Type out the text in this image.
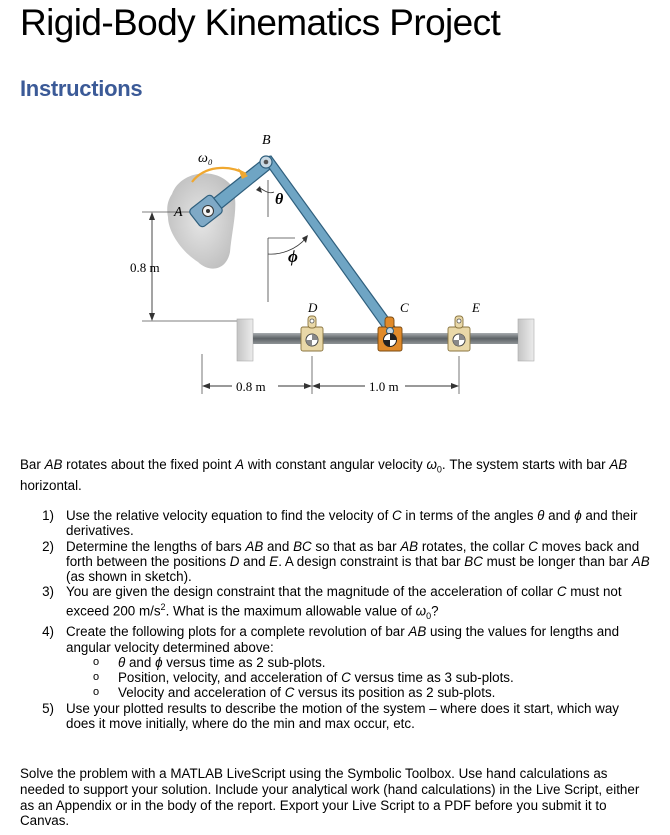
Rigid-Body Kinematics Project
Instructions
0.8 m
0.8 m	1.0 m
ω₀
B
A
θ
ϕ
D	C	E
Bar AB rotates about the fixed point A with constant angular velocity $\omega_0$. The system starts with bar AB horizontal.
1) Use the relative velocity equation to find the velocity of C in terms of the angles θ and ϕ and their derivatives.
2) Determine the lengths of bars AB and BC so that as bar AB rotates, the collar C moves back and forth between the positions D and E. A design constraint is that bar BC must be longer than bar AB (as shown in sketch).
3) You are given the design constraint that the magnitude of the acceleration of collar C must not exceed 200 $m/s^2$. What is the maximum allowable value of $\omega_0$?
4) Create the following plots for a complete revolution of bar AB using the values for lengths and angular velocity determined above:
o θ and ϕ versus time as 2 sub-plots.
o Position, velocity, and acceleration of C versus time as 3 sub-plots.
o Velocity and acceleration of C versus its position as 2 sub-plots.
5) Use your plotted results to describe the motion of the system – where does it start, which way does it move initially, where do the min and max occur, etc.
Solve the problem with a MATLAB LiveScript using the Symbolic Toolbox. Use hand calculations as needed to support your solution. Include your analytical work (hand calculations) in the Live Script, either as an Appendix or in the body of the report. Export your Live Script to a PDF before you submit it to Canvas.
